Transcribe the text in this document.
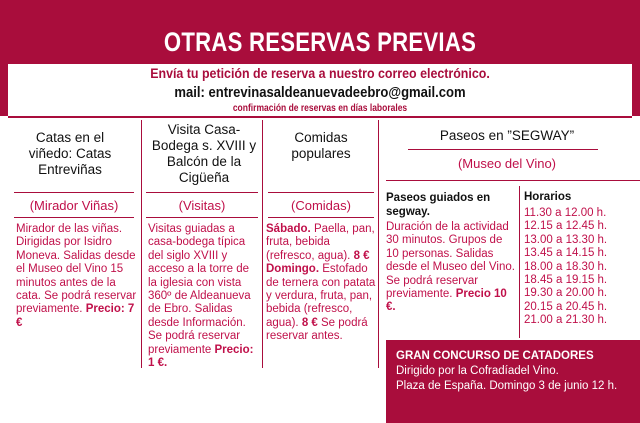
OTRAS RESERVAS PREVIAS
Envía tu petición de reserva a nuestro correo electrónico.
mail: entrevinasaldeanuevadeebro@gmail.com
confirmación de reservas en días laborales
Catas en el viñedo: Catas Entreviñas
(Mirador Viñas)
Mirador de las viñas. Dirigidas por Isidro Moneva. Salidas desde el Museo del Vino 15 minutos antes de la cata. Se podrá reservar previamente. Precio: 7 €
Visita Casa-Bodega s. XVIII y Balcón de la Cigüeña
(Visitas)
Visitas guiadas a casa-bodega típica del siglo XVIII y acceso a la torre de la iglesia con vista 360º de Aldeanueva de Ebro. Salidas desde Información. Se podrá reservar previamente Precio: 1 €.
Comidas populares
(Comidas)
Sábado. Paella, pan, fruta, bebida (refresco, agua). 8 € Domingo. Estofado de ternera con patata y verdura, fruta, pan, bebida (refresco, agua). 8 € Se podrá reservar antes.
Paseos en ”SEGWAY”
(Museo del Vino)
Paseos guiados en segway.
Duración de la actividad 30 minutos. Grupos de 10 personas. Salidas desde el Museo del Vino. Se podrá reservar previamente. Precio 10 €.
Horarios
11.30 a 12.00 h.
12.15 a 12.45 h.
13.00 a 13.30 h.
13.45 a 14.15 h.
18.00 a 18.30 h.
18.45 a 19.15 h.
19.30 a 20.00 h.
20.15 a 20.45 h.
21.00 a 21.30 h.
GRAN CONCURSO DE CATADORES
Dirigido por la Cofradíadel Vino.
Plaza de España. Domingo 3 de junio 12 h.
